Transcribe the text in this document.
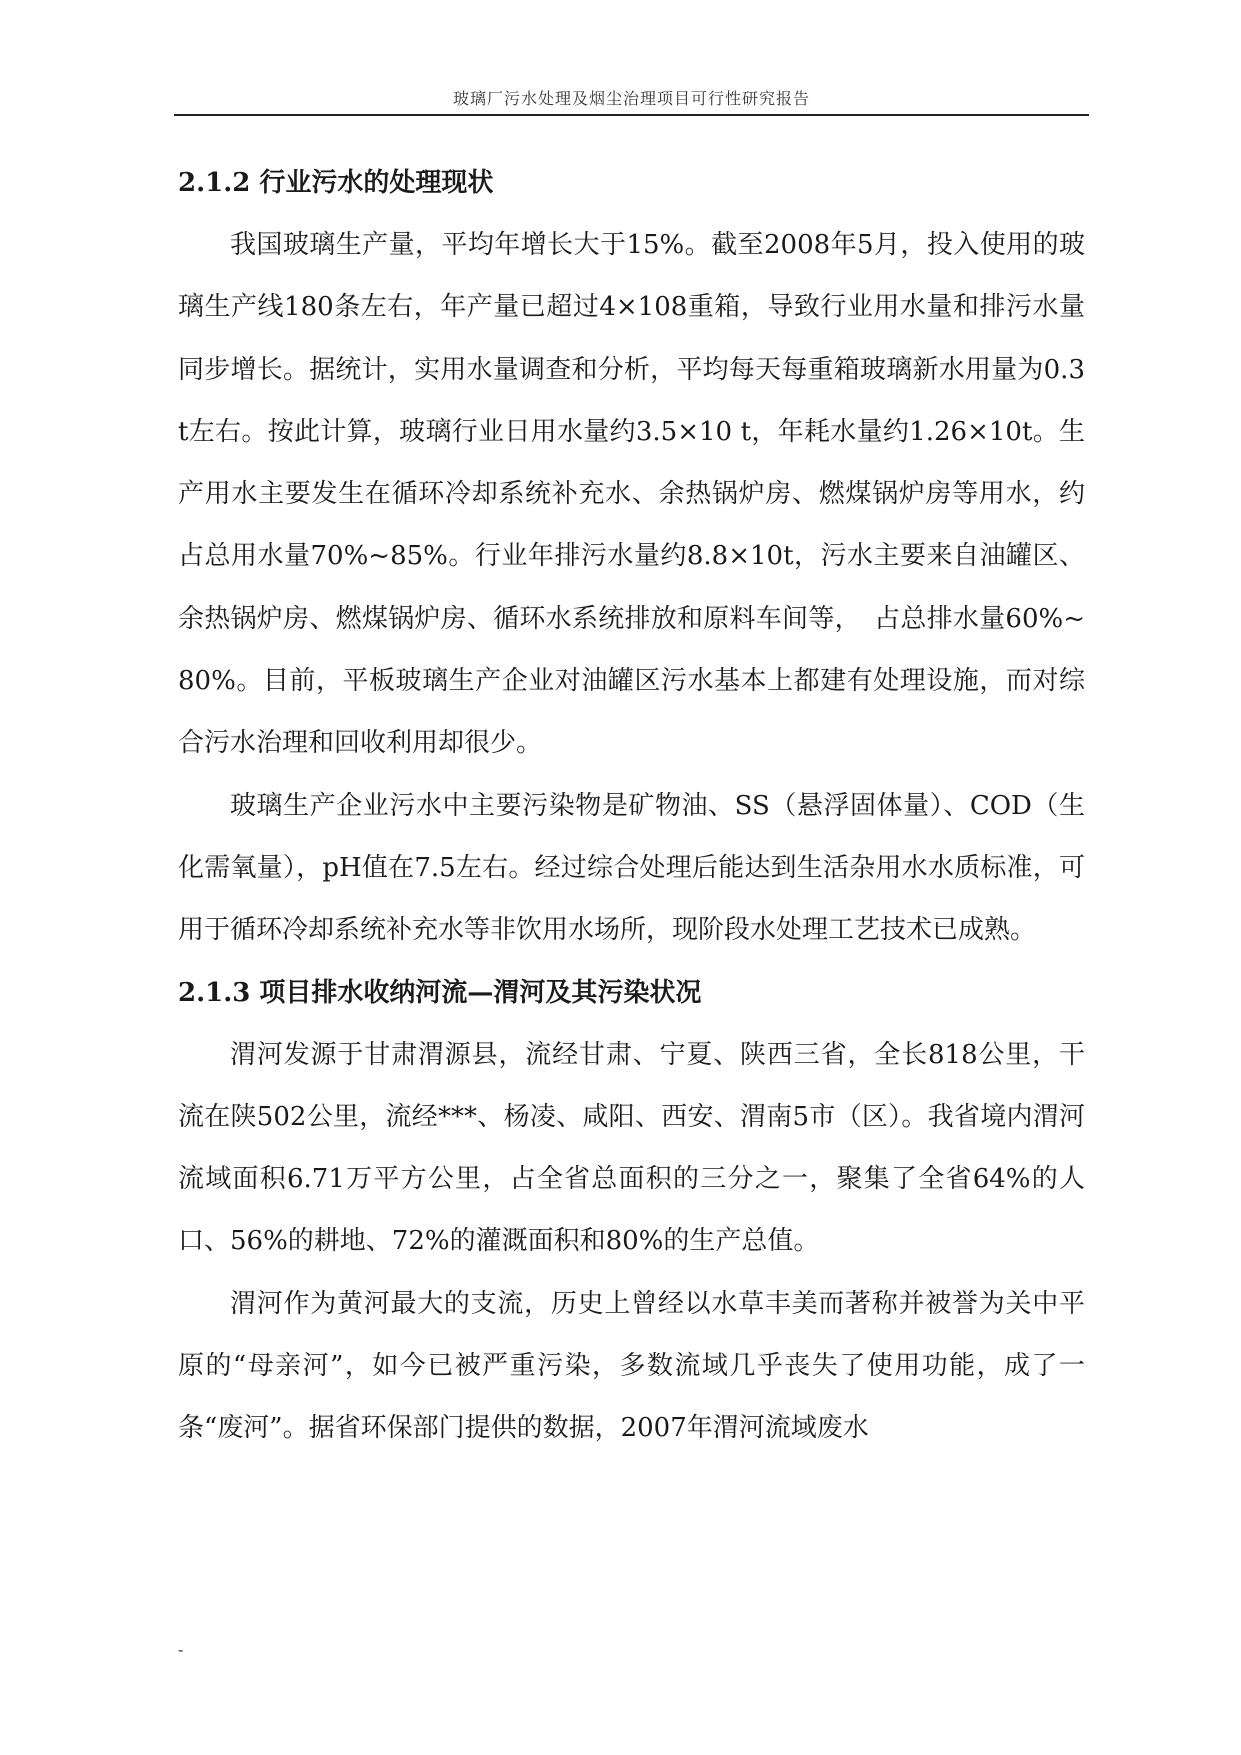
玻璃厂污水处理及烟尘治理项目可行性研究报告
2.1.2 行业污水的处理现状

我国玻璃生产量，平均年增长大于15%。截至2008年5月，投入使用的玻璃生产线180条左右，年产量已超过4×108重箱，导致行业用水量和排污水量同步增长。据统计，实用水量调查和分析，平均每天每重箱玻璃新水用量为0.3 t左右。按此计算，玻璃行业日用水量约3.5×10 t，年耗水量约1.26×10t。生产用水主要发生在循环冷却系统补充水、余热锅炉房、燃煤锅炉房等用水，约占总用水量70%~85%。行业年排污水量约8.8×10t，污水主要来自油罐区、余热锅炉房、燃煤锅炉房、循环水系统排放和原料车间等，　占总排水量60%~80%。目前，平板玻璃生产企业对油罐区污水基本上都建有处理设施，而对综合污水治理和回收利用却很少。

玻璃生产企业污水中主要污染物是矿物油、SS（悬浮固体量）、COD（生化需氧量），pH值在7.5左右。经过综合处理后能达到生活杂用水水质标准，可用于循环冷却系统补充水等非饮用水场所，现阶段水处理工艺技术已成熟。

2.1.3 项目排水收纳河流—渭河及其污染状况

渭河发源于甘肃渭源县，流经甘肃、宁夏、陕西三省，全长818公里，干流在陕502公里，流经***、杨凌、咸阳、西安、渭南5市（区）。我省境内渭河流域面积6.71万平方公里，占全省总面积的三分之一，聚集了全省64%的人口、56%的耕地、72%的灌溉面积和80%的生产总值。

渭河作为黄河最大的支流，历史上曾经以水草丰美而著称并被誉为关中平原的“母亲河”，如今已被严重污染，多数流域几乎丧失了使用功能，成了一条“废河”。据省环保部门提供的数据，2007年渭河流域废水

-
